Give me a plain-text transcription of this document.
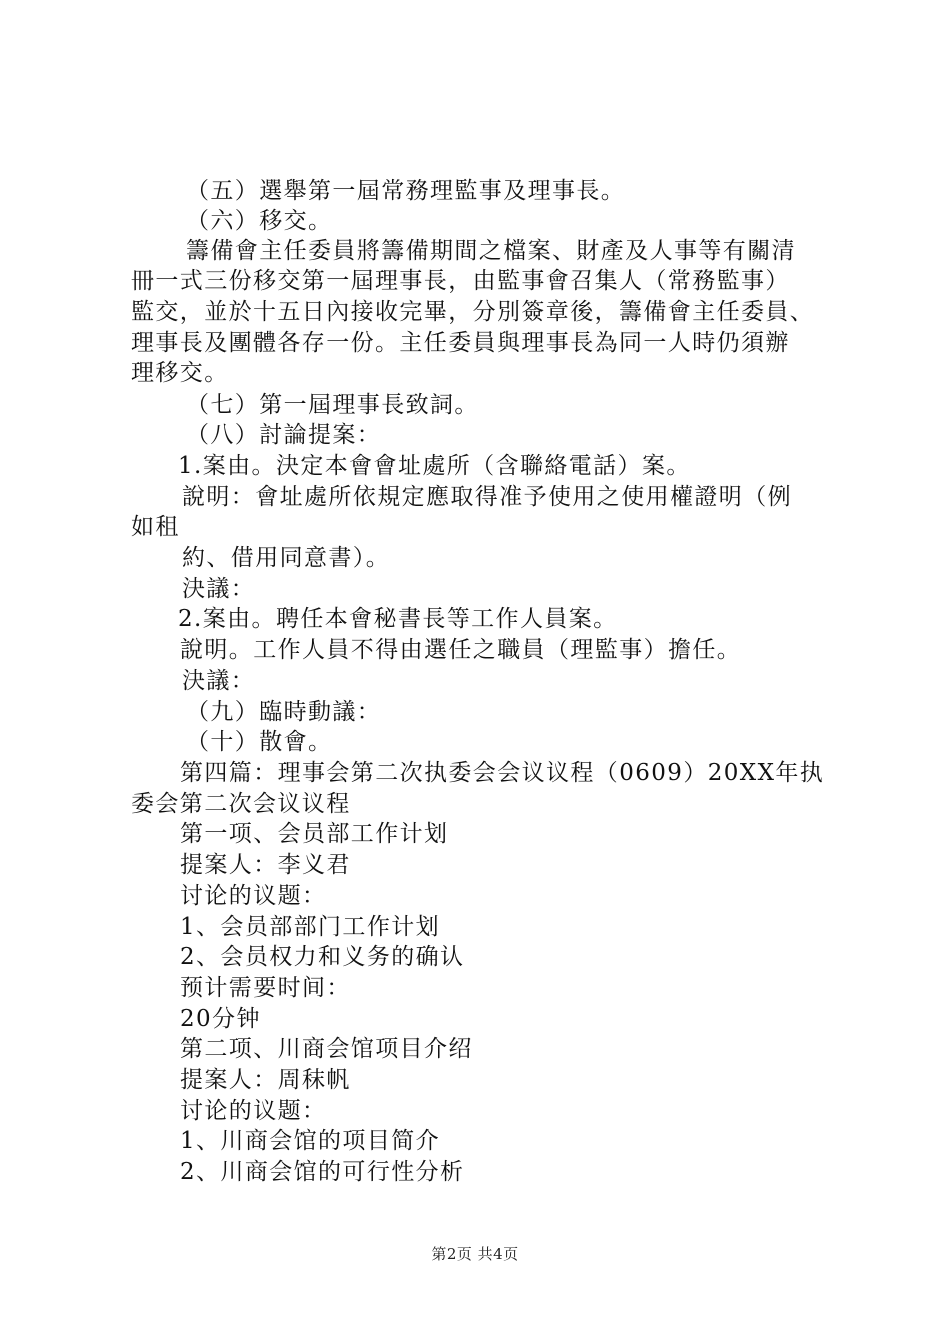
（五）選舉第一屆常務理監事及理事長。
（六）移交。
籌備會主任委員將籌備期間之檔案、財產及人事等有關清
冊一式三份移交第一屆理事長，由監事會召集人（常務監事）
監交，並於十五日內接收完畢，分別簽章後，籌備會主任委員、
理事長及團體各存一份。主任委員與理事長為同一人時仍須辦
理移交。
（七）第一屆理事長致詞。
（八）討論提案：
1.案由。決定本會會址處所（含聯絡電話）案。
說明：會址處所依規定應取得准予使用之使用權證明（例
如租
約、借用同意書）。
決議：
2.案由。聘任本會秘書長等工作人員案。
說明。工作人員不得由選任之職員（理監事）擔任。
決議：
（九）臨時動議：
（十）散會。
第四篇：理事会第二次执委会会议议程（0609）20XX年执
委会第二次会议议程
第一项、会员部工作计划
提案人：李义君
讨论的议题：
1、会员部部门工作计划
2、会员权力和义务的确认
预计需要时间：
20分钟
第二项、川商会馆项目介绍
提案人：周秣帆
讨论的议题：
1、川商会馆的项目简介
2、川商会馆的可行性分析
第2页 共4页
